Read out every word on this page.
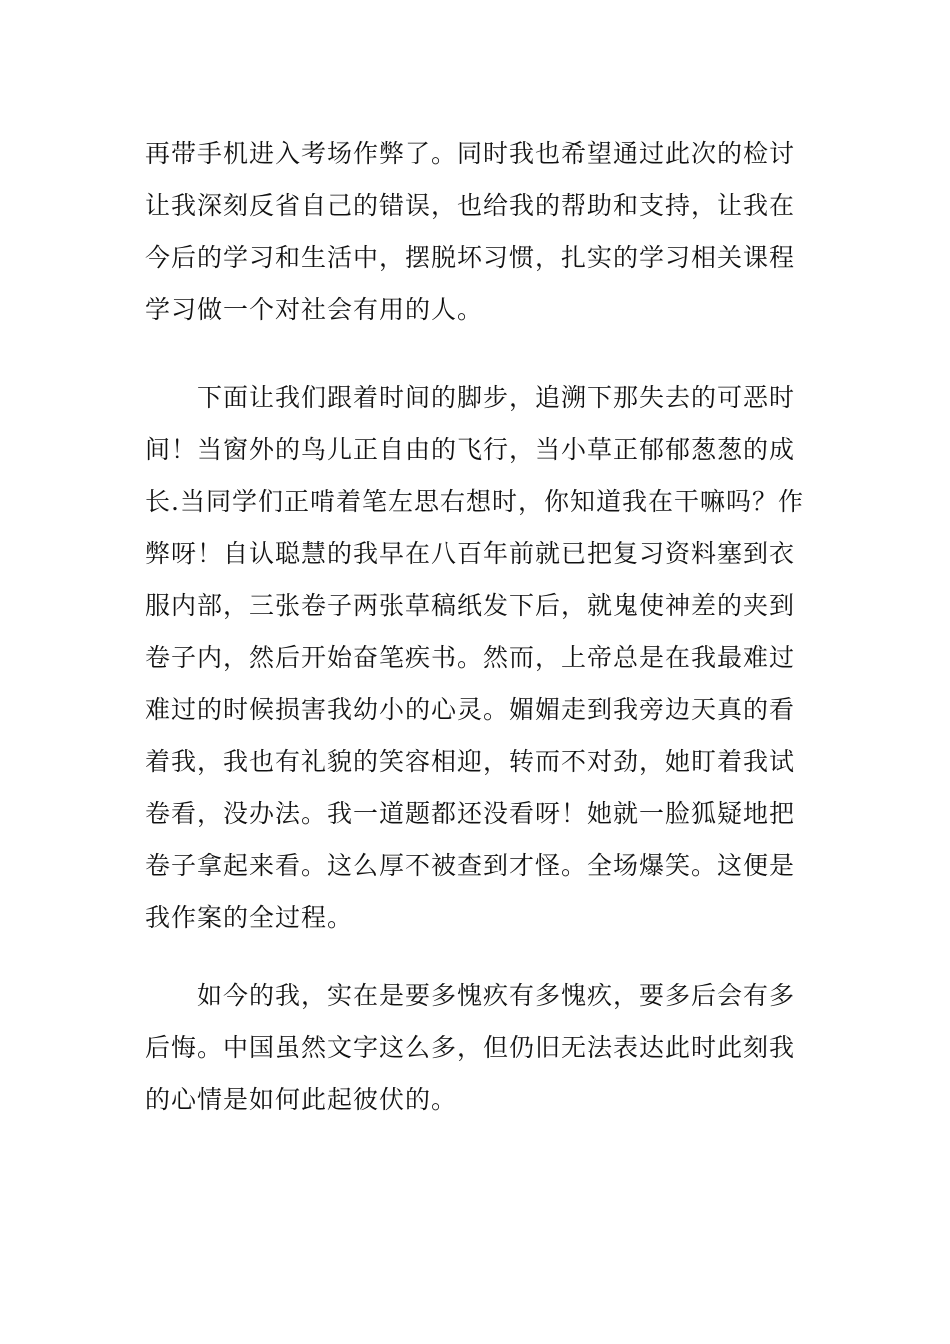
再带手机进入考场作弊了。同时我也希望通过此次的检讨
让我深刻反省自己的错误，也给我的帮助和支持，让我在
今后的学习和生活中，摆脱坏习惯，扎实的学习相关课程
学习做一个对社会有用的人。
下面让我们跟着时间的脚步，追溯下那失去的可恶时
间！当窗外的鸟儿正自由的飞行，当小草正郁郁葱葱的成
长.当同学们正啃着笔左思右想时，你知道我在干嘛吗？作
弊呀！自认聪慧的我早在八百年前就已把复习资料塞到衣
服内部，三张卷子两张草稿纸发下后，就鬼使神差的夹到
卷子内，然后开始奋笔疾书。然而，上帝总是在我最难过
难过的时候损害我幼小的心灵。媚媚走到我旁边天真的看
着我，我也有礼貌的笑容相迎，转而不对劲，她盯着我试
卷看，没办法。我一道题都还没看呀！她就一脸狐疑地把
卷子拿起来看。这么厚不被查到才怪。全场爆笑。这便是
我作案的全过程。
如今的我，实在是要多愧疚有多愧疚，要多后会有多
后悔。中国虽然文字这么多，但仍旧无法表达此时此刻我
的心情是如何此起彼伏的。
